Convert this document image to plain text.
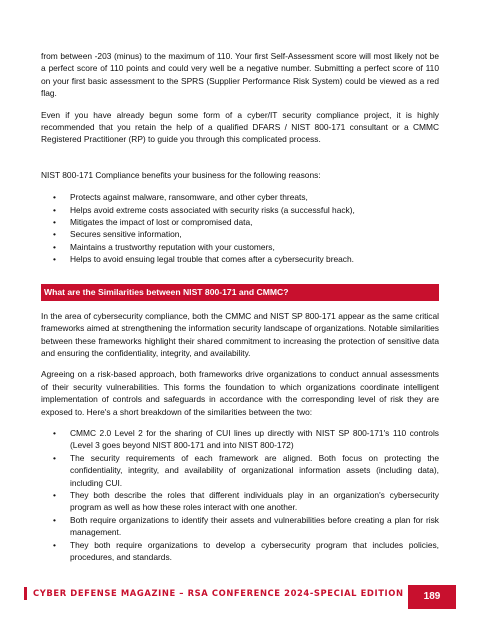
from between -203 (minus) to the maximum of 110. Your first Self-Assessment score will most likely not be a perfect score of 110 points and could very well be a negative number. Submitting a perfect score of 110 on your first basic assessment to the SPRS (Supplier Performance Risk System) could be viewed as a red flag.

Even if you have already begun some form of a cyber/IT security compliance project, it is highly recommended that you retain the help of a qualified DFARS / NIST 800-171 consultant or a CMMC Registered Practitioner (RP) to guide you through this complicated process.

NIST 800-171 Compliance benefits your business for the following reasons:

• Protects against malware, ransomware, and other cyber threats,
• Helps avoid extreme costs associated with security risks (a successful hack),
• Mitigates the impact of lost or compromised data,
• Secures sensitive information,
• Maintains a trustworthy reputation with your customers,
• Helps to avoid ensuing legal trouble that comes after a cybersecurity breach.
What are the Similarities between NIST 800-171 and CMMC?

In the area of cybersecurity compliance, both the CMMC and NIST SP 800-171 appear as the same critical frameworks aimed at strengthening the information security landscape of organizations. Notable similarities between these frameworks highlight their shared commitment to increasing the protection of sensitive data and ensuring the confidentiality, integrity, and availability.

Agreeing on a risk-based approach, both frameworks drive organizations to conduct annual assessments of their security vulnerabilities. This forms the foundation to which organizations coordinate intelligent implementation of controls and safeguards in accordance with the corresponding level of risk they are exposed to. Here's a short breakdown of the similarities between the two:

• CMMC 2.0 Level 2 for the sharing of CUI lines up directly with NIST SP 800-171's 110 controls (Level 3 goes beyond NIST 800-171 and into NIST 800-172)
• The security requirements of each framework are aligned. Both focus on protecting the confidentiality, integrity, and availability of organizational information assets (including data), including CUI.
• They both describe the roles that different individuals play in an organization's cybersecurity program as well as how these roles interact with one another.
• Both require organizations to identify their assets and vulnerabilities before creating a plan for risk management.
• They both require organizations to develop a cybersecurity program that includes policies, procedures, and standards.
CYBER DEFENSE MAGAZINE – RSA CONFERENCE 2024-SPECIAL EDITION	189
